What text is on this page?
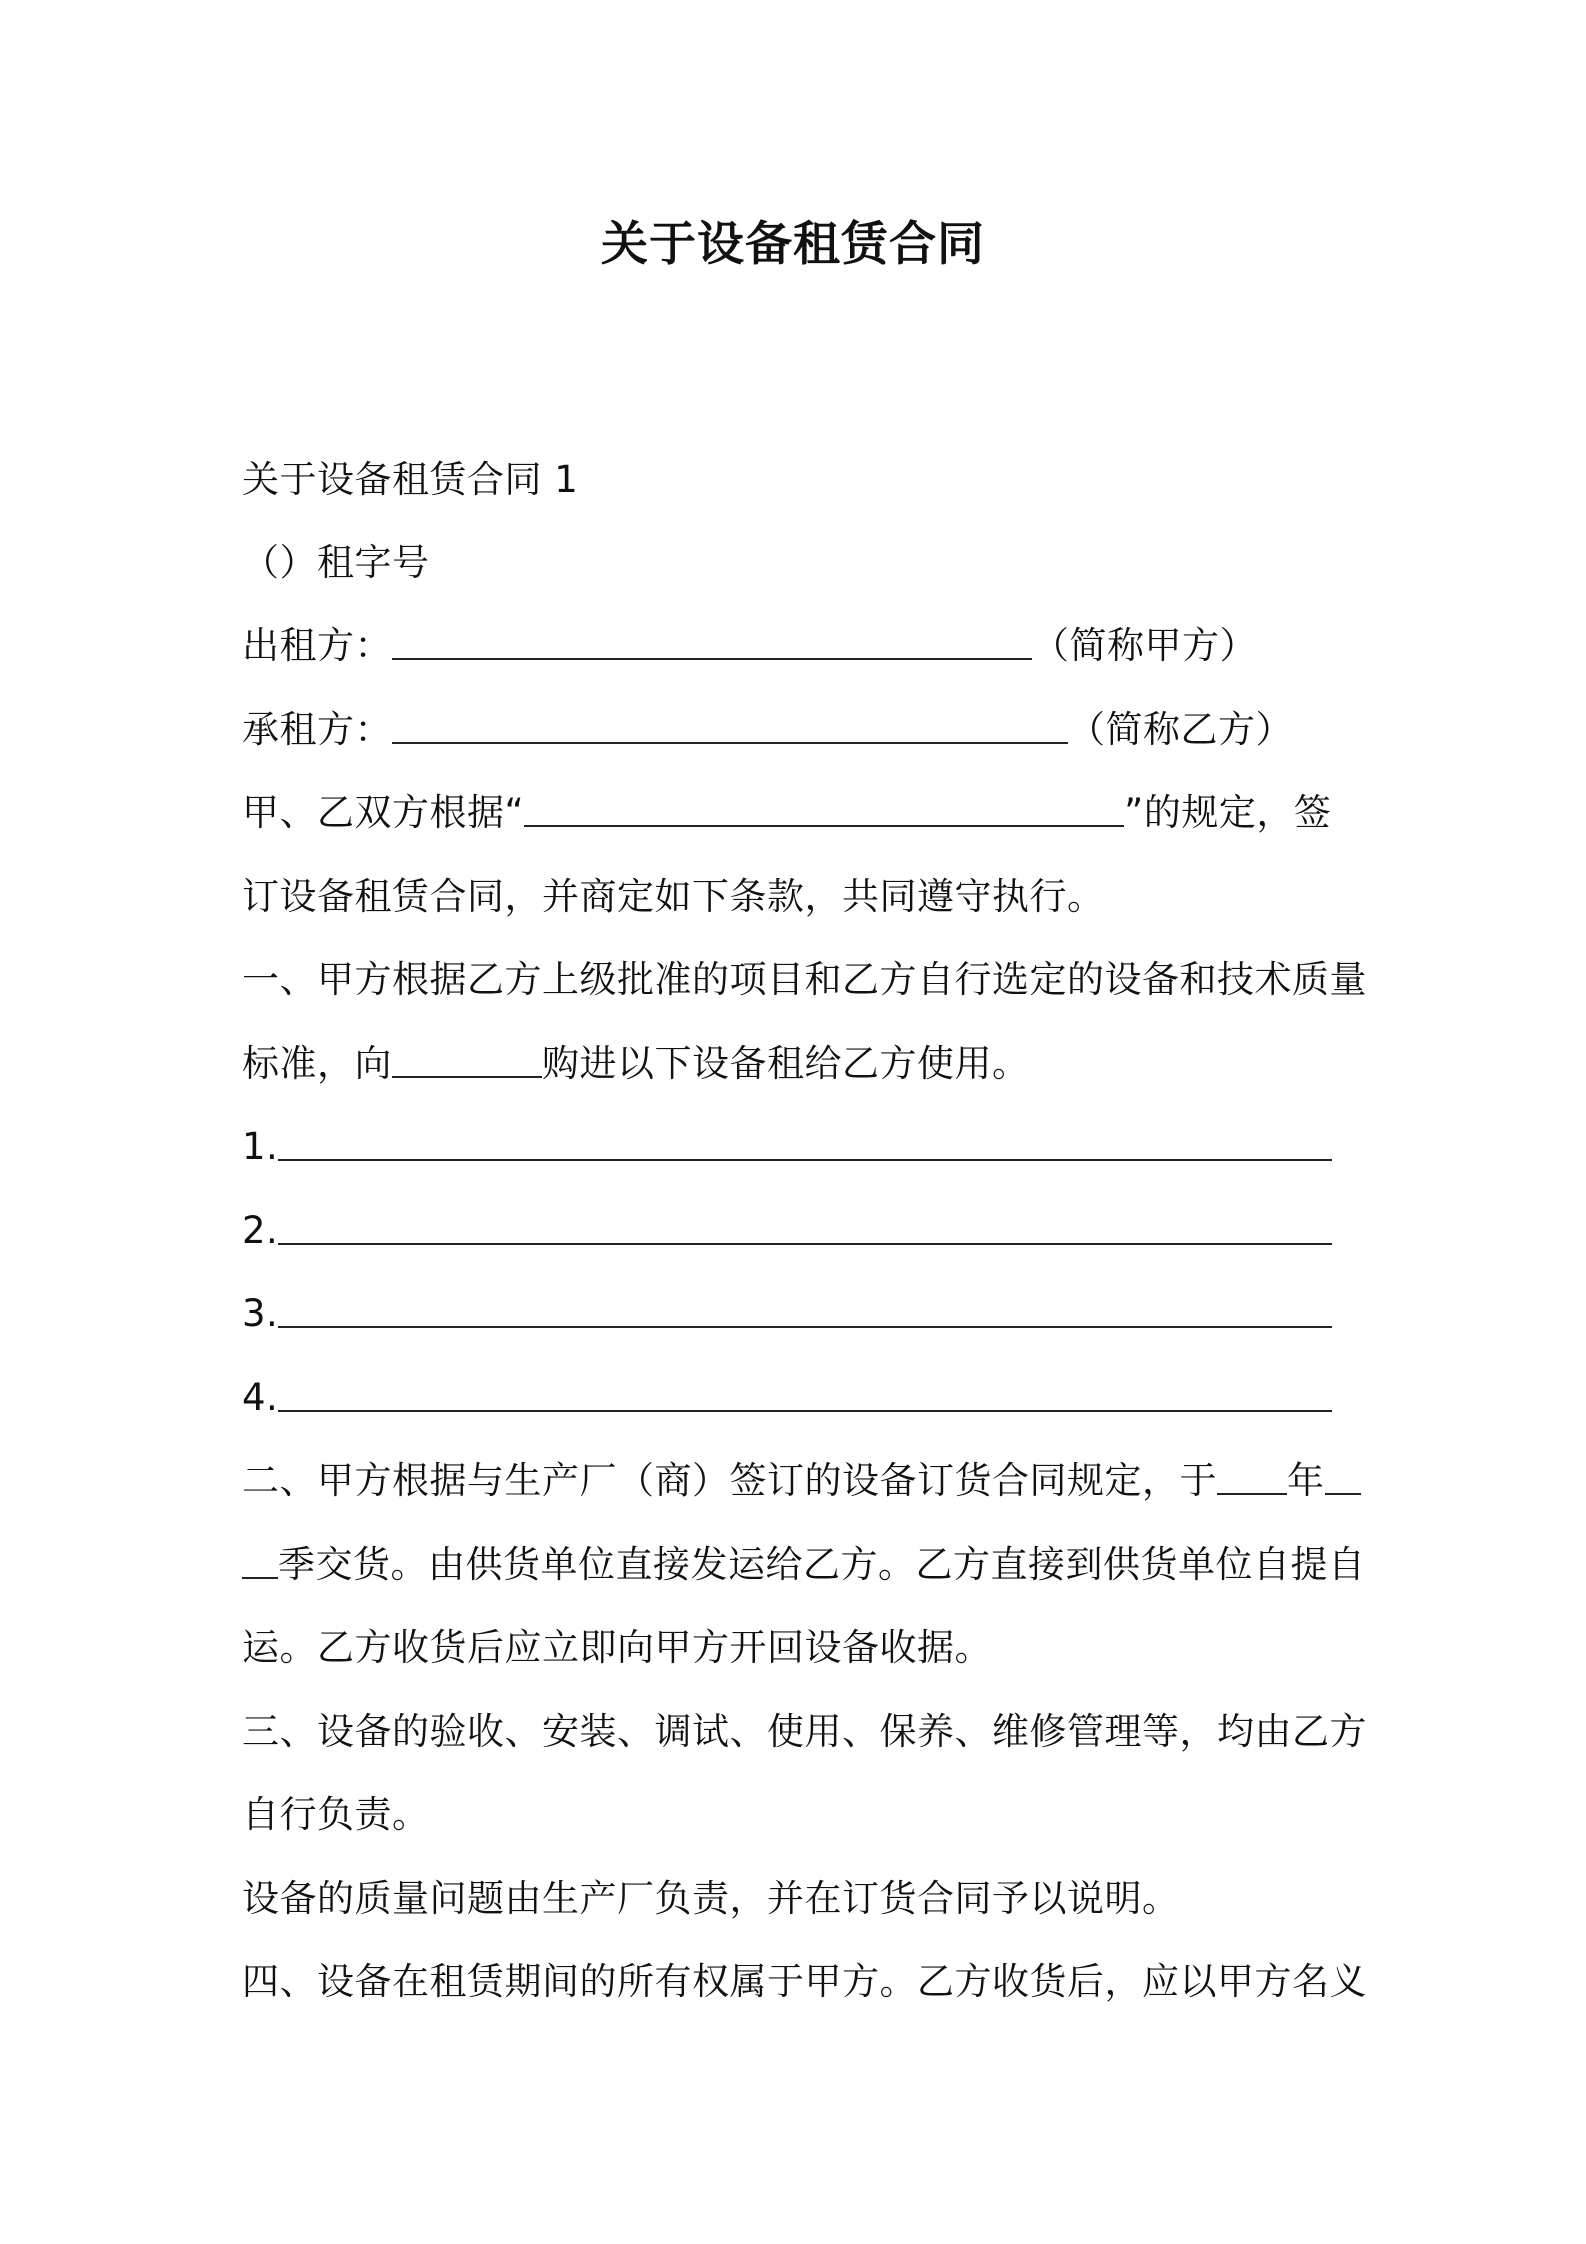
关于设备租赁合同
关于设备租赁合同 1
（）租字号
出租方：	（简称甲方）
承租方：	（简称乙方）
甲、乙双方根据“	”的规定，签
订设备租赁合同，并商定如下条款，共同遵守执行。
一、甲方根据乙方上级批准的项目和乙方自行选定的设备和技术质量
标准，向	购进以下设备租给乙方使用。
1.
2.
3.
4.
二、甲方根据与生产厂（商）签订的设备订货合同规定，于 年
季交货。由供货单位直接发运给乙方。乙方直接到供货单位自提自
运。乙方收货后应立即向甲方开回设备收据。
三、设备的验收、安装、调试、使用、保养、维修管理等，均由乙方
自行负责。
设备的质量问题由生产厂负责，并在订货合同予以说明。
四、设备在租赁期间的所有权属于甲方。乙方收货后，应以甲方名义
